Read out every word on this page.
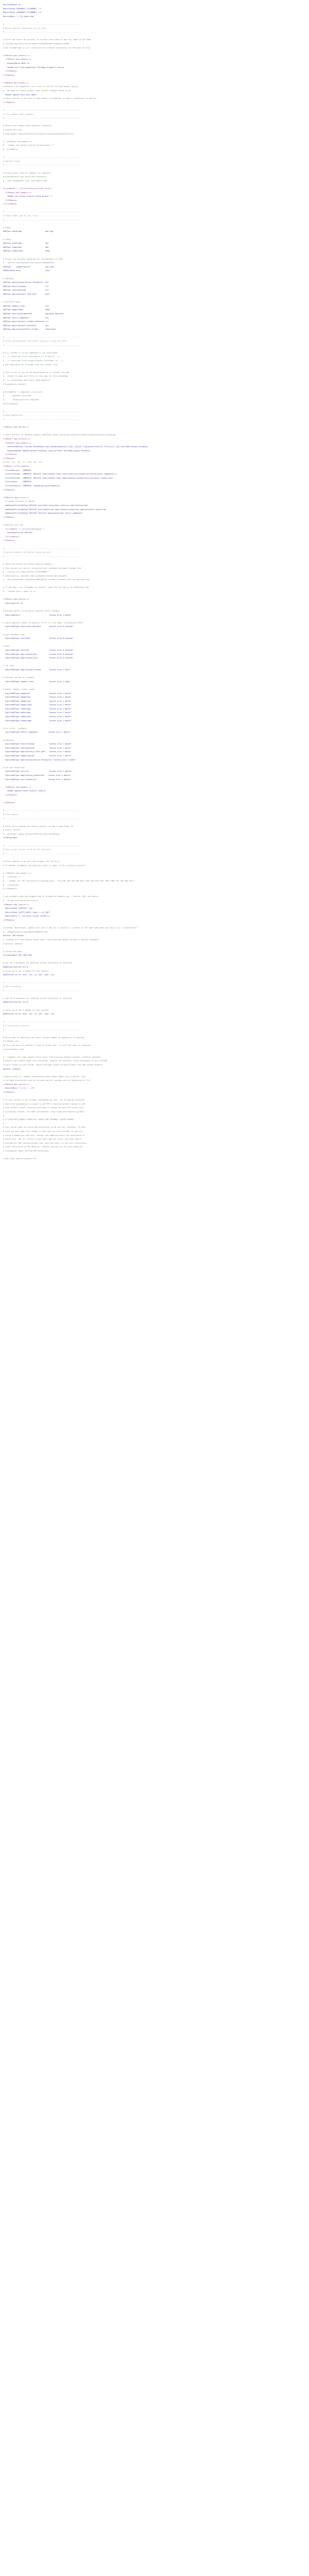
RewriteEngine on
RewriteCond %{REQUEST_FILENAME} !-f
RewriteCond %{REQUEST_FILENAME} !-d
RewriteRule ^(.*)$ index.php

# ----------------------------------------------------------------------
# Better website experience for IE users
# ----------------------------------------------------------------------

# Force the latest IE version, in various cases when it may fall back to IE7 mode
#  github.com/rails/rails/commit/123eb25#commitcomment-118920
# Use ChromeFrame if it's installed for a better experience for the poor IE folk

<IfModule mod_setenvif.c>
<IfModule mod_headers.c>
BrowserMatch MSIE ie
Header set X-UA-Compatible "IE=Edge,chrome=1" env=ie
</IfModule>
</IfModule>

<IfModule mod_headers.c>
# Because X-UA-Compatible isn't sent to non-IE (to save header bytes),
#   We need to inform proxies that content changes based on UA
Header append Vary User-Agent
# Cache control is set only if mod_headers is enabled, so that's unncessary to declare
</IfModule>

# ----------------------------------------------------------------------
# Cross-domain AJAX requests
# ----------------------------------------------------------------------

# Serve cross-domain ajax requests, disabled.
# enable-cors.org
# code.google.com/p/html5security/wiki/CrossOriginRequestSecurity

#  <IfModule mod_headers.c>
#    Header set Access-Control-Allow-Origin "*"
#  </IfModule>

# ----------------------------------------------------------------------
# Webfont access
# ----------------------------------------------------------------------

# allow access from all domains for webfonts
# alternatively you could only whitelist
#   your subdomains like "sub.domain.com"

<FilesMatch "\.(ttf|otf|eot|woff|font.css)$">
<IfModule mod_headers.c>
Header set Access-Control-Allow-Origin "*"
</IfModule>
</FilesMatch>

# ----------------------------------------------------------------------
# Proper MIME type for all files
# ----------------------------------------------------------------------

# audio
AddType audio/ogg                      oga ogg

# video
AddType video/ogg                      ogv
AddType video/mp4                      mp4
AddType video/webm                     webm

# Proper svg serving. Required for svg webfonts on iPad
#   twitter.com/FontSquirrel/status/14855840545
AddType     image/svg+xml              svg svgz
AddEncoding gzip                       svgz

# webfonts
AddType application/vnd.ms-fontobject  eot
AddType font/truetype                  ttf
AddType font/opentype                  otf
AddType application/x-font-woff        woff

# assorted types
AddType image/x-icon                   ico
AddType image/webp                     webp
AddType text/cache-manifest            appcache manifest
AddType text/x-component               htc
AddType application/x-chrome-extension crx
AddType application/x-xpinstall        xpi
AddType application/octet-stream       safariextz

# ----------------------------------------------------------------------
# Allow concatenation from within specific js and css files
# ----------------------------------------------------------------------

# e.g. Inside of script.combined.js you could have
#   <!--#include file="libs/jquery-1.5.0.min.js" -->
#   <!--#include file="plugins/jquery.idletimer.js" -->
# and they would be included into this single file

# This is not in use in the boilerplate as it stands. you may
#   choose to name your files in this way for this advantage
#   or concatenate and minify them manually.
# Disabled by default.

#<FilesMatch "\.combined\.(js|css)$">
#        Options +Includes
#        SetOutputFilter INCLUDES
#</FilesMatch>

# ----------------------------------------------------------------------
# gzip compression
# ----------------------------------------------------------------------

<IfModule mod_deflate.c>

# force deflate for mangled headers developer.yahoo.com/blogs/ydn/posts/2010/12/pushing-beyond-gzipping/
<IfModule mod_setenvif.c>
<IfModule mod_headers.c>
SetEnvIfNoCase ^(Accept-EncodXng|X-cept-Encoding|X{15}|~{15}|-{15})$ ^((gzip|deflate)\s*,?\s*)+|[X~-]{4,13}$ HAVE_Accept-Encoding
RequestHeader append Accept-Encoding "gzip,deflate" env=HAVE_Accept-Encoding
</IfModule>
</IfModule>
# html, txt, css, js, json, xml, htc:
<IfModule filter_module>
FilterDeclare   COMPRESS
FilterProvider  COMPRESS  DEFLATE resp=Content-Type /text/(html|css|javascript|plain|x(ml|-component))/
FilterProvider  COMPRESS  DEFLATE resp=Content-Type /application/(javascript|json|xml|x-javascript)/
FilterChain     COMPRESS
FilterProtocol  COMPRESS  change=yes;byteranges=no
</IfModule>

<IfModule !mod_filter.c>
# Legacy versions of Apache
AddOutputFilterByType DEFLATE text/html text/plain text/css application/json
AddOutputFilterByType DEFLATE text/javascript application/javascript application/x-javascript
AddOutputFilterByType DEFLATE text/xml application/xml text/x-component
</IfModule>

# webfonts and svg:
<FilesMatch "\.(ttf|otf|eot|svg)$" >
SetOutputFilter DEFLATE
</FilesMatch>
</IfModule>

# ----------------------------------------------------------------------
# Expires headers (for better cache control)
# ----------------------------------------------------------------------

# these are pretty far-future expires headers.
# they assume you control versioning with cachebusting query params like
#   <script src="application.js?20100608">
# additionally, consider that outdated proxies may miscache
#   www.stevesouders.com/blog/2008/08/23/revving-filenames-dont-use-querystring/

# if you don't use filenames to version, lower the css and js to something like
#   "access plus 1 week" or so

<IfModule mod_expires.c>
ExpiresActive on

# Perhaps better to whitelist expires rules? Perhaps.
ExpiresDefault                          "access plus 1 month"

# cache.appcache needs re-requests in FF 3.6 (thx Remy ~Introducing HTML5)
ExpiresByType text/cache-manifest       "access plus 0 seconds"

# your document html
ExpiresByType text/html                 "access plus 0 seconds"

# data
ExpiresByType text/xml                  "access plus 0 seconds"
ExpiresByType application/xml           "access plus 0 seconds"
ExpiresByType application/json          "access plus 0 seconds"

# rss feed
ExpiresByType application/rss+xml       "access plus 1 hour"

# favicon (cannot be renamed)
ExpiresByType image/x-icon              "access plus 1 week"

# media: images, video, audio
ExpiresByType image/gif                 "access plus 1 month"
ExpiresByType image/png                 "access plus 1 month"
ExpiresByType image/jpg                 "access plus 1 month"
ExpiresByType image/jpeg                "access plus 1 month"
ExpiresByType video/ogg                 "access plus 1 month"
ExpiresByType audio/ogg                 "access plus 1 month"
ExpiresByType video/mp4                 "access plus 1 month"
ExpiresByType video/webm                "access plus 1 month"

# htc files  (css3pie)
ExpiresByType text/x-component         "access plus 1 month"

# webfonts
ExpiresByType font/truetype             "access plus 1 month"
ExpiresByType font/opentype             "access plus 1 month"
ExpiresByType application/x-font-woff   "access plus 1 month"
ExpiresByType image/svg+xml             "access plus 1 month"
ExpiresByType application/vnd.ms-fontobject "access plus 1 month"

# css and javascript
ExpiresByType text/css                  "access plus 2 months"
ExpiresByType application/javascript   "access plus 2 months"
ExpiresByType text/javascript          "access plus 2 months"

<IfModule mod_headers.c>
Header append Cache-Control "public"
</IfModule>

</IfModule>

# ----------------------------------------------------------------------
# ETag removal
# ----------------------------------------------------------------------

# Since we're sending far-future expires, we don't need ETags for
# static content.
#   developer.yahoo.com/performance/rules.html#etags
FileETag None

# ----------------------------------------------------------------------
# Stop screen flicker in IE on CSS rollovers
# ----------------------------------------------------------------------

# Allow cookies to be set from iframes (for IE only)
# If needed, uncomment and specify a path or regex in the Location directive

# <IfModule mod_headers.c>
#   <Location />
#     Header set P3P "policyref=\"/w3c/p3p.xml\", CP=\"IDC DSP COR ADM DEVi TAIi PSA PSD IVAi IVDi CONi HIS OUR IND CNT\""
#   </Location>
# </IfModule>

# you probably want www.example.com to forward to example.com -- shorter URLs are sexier.
#   no-www.org/faq.php?q=class_b
<IfModule mod_rewrite.c>
RewriteCond %{HTTPS} !=on
RewriteCond %{HTTP_HOST} ^www\.(.+)$ [NC]
RewriteRule ^(.*)$ http://%1/$1 [R=301,L]
</IfModule>

# without -MultiViews, Apache will give a 404 for a rewrite if a folder of the same name does not exist (e.g. "/blah/hello")
#   webmasterworld.com/apache/3808792.htm
Options -MultiViews
# -Indexes will have Apache block users from browsing folders without a default document
# Options -Indexes

# custom 404 page
ErrorDocument 404 /404.html

# use utf-8 encoding for anything served text/plain or text/html
AddDefaultCharset utf-8
# force utf-8 for a number of file formats
AddCharset utf-8 .html .css .js .xml .json .rss

# ----------------------------------------------------------------------
# UTF-8 encoding
# ----------------------------------------------------------------------

# use utf-8 encoding for anything served text/plain or text/html
AddDefaultCharset utf-8

# force utf-8 for a number of file formats
AddCharset utf-8 .html .css .js .xml .json .rss

# ----------------------------------------------------------------------
# A little more security
# ----------------------------------------------------------------------

# Do we want to advertise the exact version number of Apache we're running?
# Probably not.
## This can only be enabled if used in httpd.conf - It will not work in .htaccess
# ServerTokens Prod

# "-Indexes" will have Apache block users from browsing folders without a default document
# Usually you should leave this activated, because you shouldn't allow everybody to surf through
# every folder on your server (which includes rather private places like CMS system folders).
Options -Indexes

# Block access to "hidden" directories whose names begin with a period. This
# includes directories used by version control systems such as Subversion or Git.
<IfModule mod_rewrite.c>
RewriteRule "(^|/)\." - [F]
</IfModule>

# If your server is not already configured as such, the following directive
# should be uncommented in order to set PHP's register_globals option to OFF.
# This closes a major security hole that is abused by most XSS (cross-site
# scripting) attacks. For more information: http://php.net/register_globals
#
# IF REGISTER_GLOBALS DIRECTIVE CAUSES 500 INTERNAL SERVER ERRORS :
#
# Your server does not allow PHP directives to be set via .htaccess. In that
# case you must make this change in your php.ini file instead. If you are
# using a commercial web host, contact the administrators for assistance in
# doing this. Not all servers allow local php.ini files, and they should
# include all PHP configurations (not just this one), or you will effectively
# reset everything to PHP defaults. Consult www.php.net for more detailed
# information about setting PHP directives.

# php_flag register_globals Off
